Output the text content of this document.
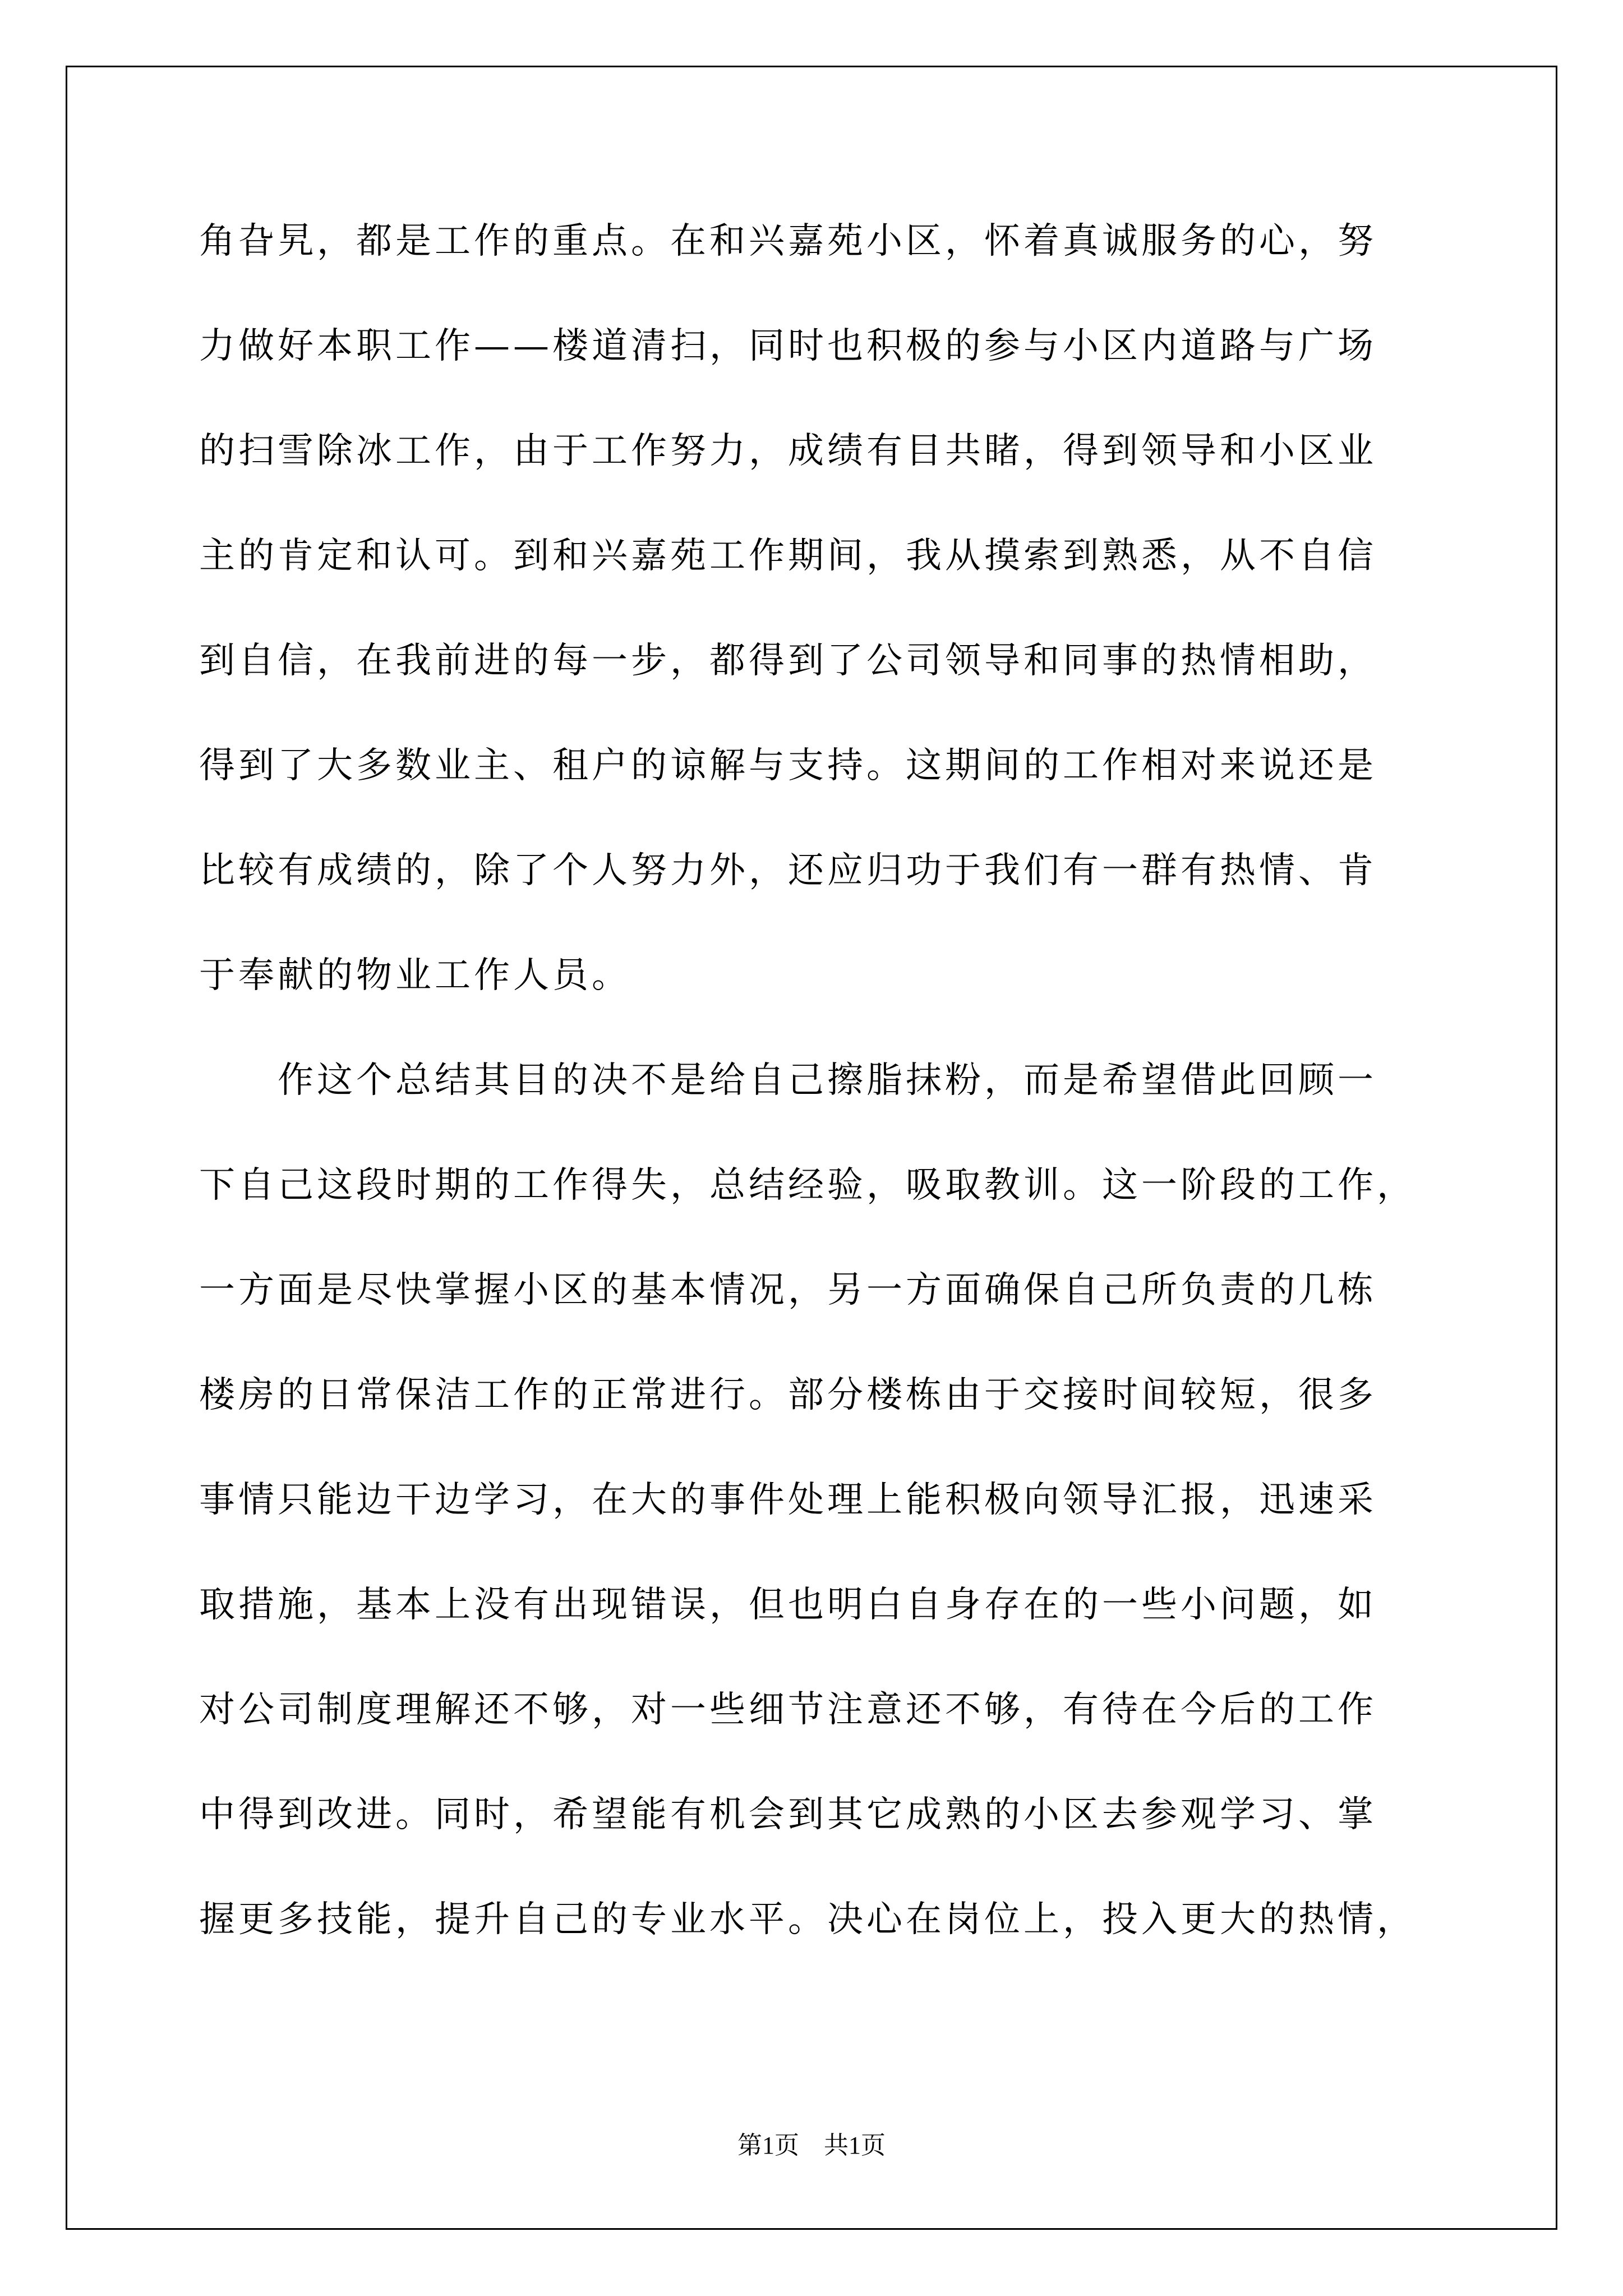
角旮旯，都是工作的重点。在和兴嘉苑小区，怀着真诚服务的心，努
力做好本职工作——楼道清扫，同时也积极的参与小区内道路与广场
的扫雪除冰工作，由于工作努力，成绩有目共睹，得到领导和小区业
主的肯定和认可。到和兴嘉苑工作期间，我从摸索到熟悉，从不自信
到自信，在我前进的每一步，都得到了公司领导和同事的热情相助，
得到了大多数业主、租户的谅解与支持。这期间的工作相对来说还是
比较有成绩的，除了个人努力外，还应归功于我们有一群有热情、肯
于奉献的物业工作人员。
　　作这个总结其目的决不是给自己擦脂抹粉，而是希望借此回顾一
下自己这段时期的工作得失，总结经验，吸取教训。这一阶段的工作，
一方面是尽快掌握小区的基本情况，另一方面确保自己所负责的几栋
楼房的日常保洁工作的正常进行。部分楼栋由于交接时间较短，很多
事情只能边干边学习，在大的事件处理上能积极向领导汇报，迅速采
取措施，基本上没有出现错误，但也明白自身存在的一些小问题，如
对公司制度理解还不够，对一些细节注意还不够，有待在今后的工作
中得到改进。同时，希望能有机会到其它成熟的小区去参观学习、掌
握更多技能，提升自己的专业水平。决心在岗位上，投入更大的热情，
第1页　共1页
